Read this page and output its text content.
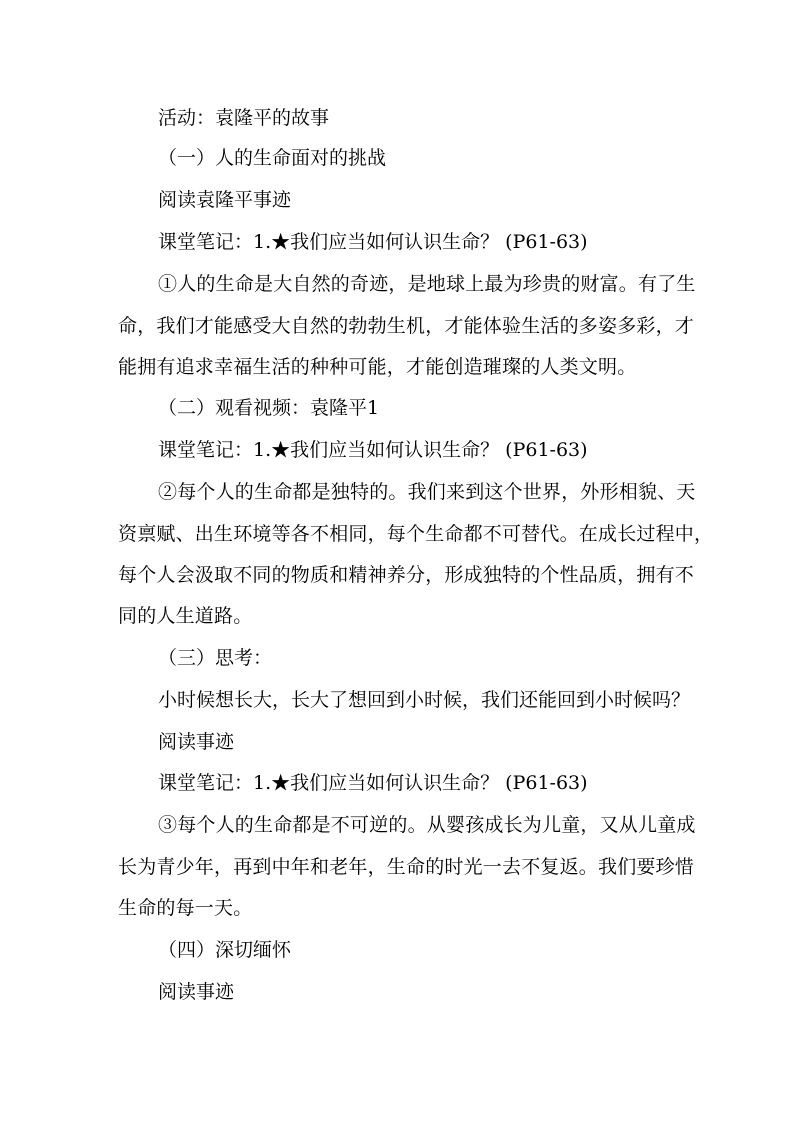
活动：袁隆平的故事
（一）人的生命面对的挑战
阅读袁隆平事迹
课堂笔记：1.★我们应当如何认识生命？ (P61-63)
①人的生命是大自然的奇迹，是地球上最为珍贵的财富。有了生
命，我们才能感受大自然的勃勃生机，才能体验生活的多姿多彩，才
能拥有追求幸福生活的种种可能，才能创造璀璨的人类文明。
（二）观看视频：袁隆平1
课堂笔记：1.★我们应当如何认识生命？ (P61-63)
②每个人的生命都是独特的。我们来到这个世界，外形相貌、天
资禀赋、出生环境等各不相同，每个生命都不可替代。在成长过程中，
每个人会汲取不同的物质和精神养分，形成独特的个性品质，拥有不
同的人生道路。
（三）思考：
小时候想长大，长大了想回到小时候，我们还能回到小时候吗？
阅读事迹
课堂笔记：1.★我们应当如何认识生命？ (P61-63)
③每个人的生命都是不可逆的。从婴孩成长为儿童，又从儿童成
长为青少年，再到中年和老年，生命的时光一去不复返。我们要珍惜
生命的每一天。
（四）深切缅怀
阅读事迹
